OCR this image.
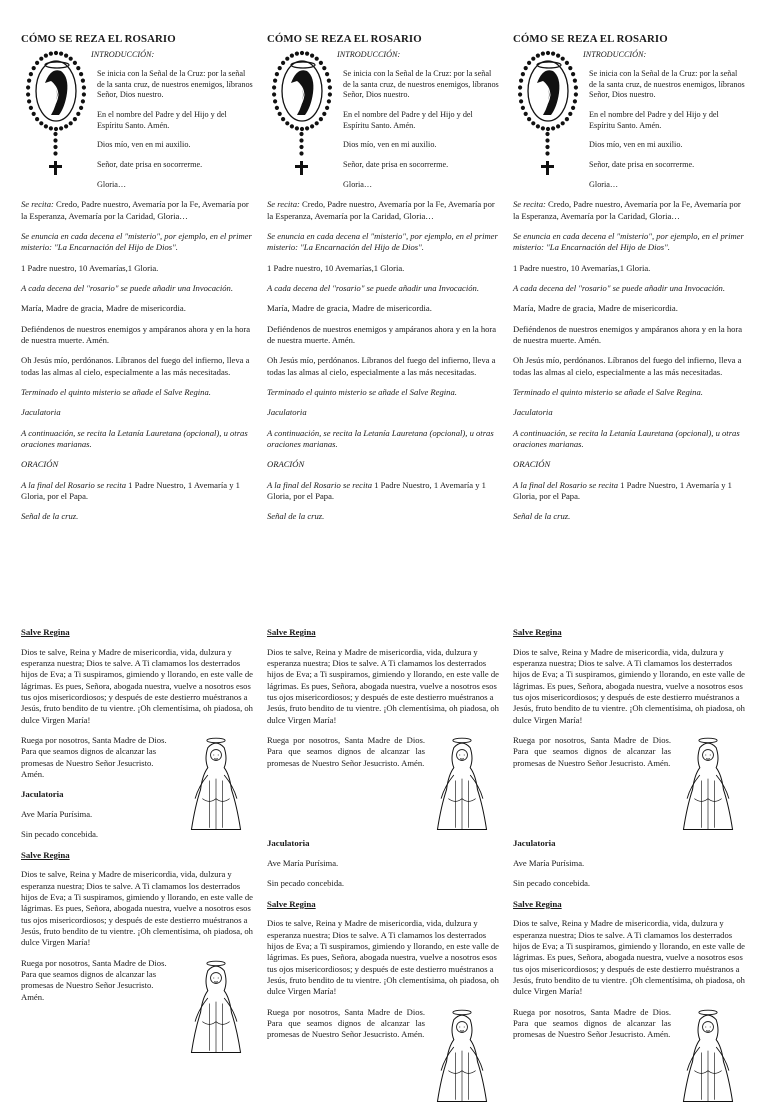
CÓMO SE REZA EL ROSARIO
INTRODUCCIÓN:

Se inicia con la Señal de la Cruz: por la señal de la santa cruz, de nuestros enemigos, líbranos Señor, Dios nuestro.

En el nombre del Padre y del Hijo y del Espíritu Santo. Amén.

Dios mío, ven en mi auxilio.

Señor, date prisa en socorrerme.

Gloria…

Se recita: Credo, Padre nuestro, Avemaría por la Fe, Avemaría por la Esperanza, Avemaría por la Caridad, Gloria…

Se enuncia en cada decena el "misterio", por ejemplo, en el primer misterio: "La Encarnación del Hijo de Dios".

1 Padre nuestro, 10 Avemarías,1 Gloria.

A cada decena del "rosario" se puede añadir una Invocación.

María, Madre de gracia, Madre de misericordia.

Defiéndenos de nuestros enemigos y ampáranos ahora y en la hora de nuestra muerte. Amén.

Oh Jesús mío, perdónanos. Líbranos del fuego del infierno, lleva a todas las almas al cielo, especialmente a las más necesitadas.

Terminado el quinto misterio se añade el Salve Regina.

Jaculatoria

A continuación, se recita la Letanía Lauretana (opcional), u otras oraciones marianas.

ORACIÓN

A la final del Rosario se recita 1 Padre Nuestro, 1 Avemaría y 1 Gloria, por el Papa.

Señal de la cruz.

CÓMO SE REZA EL ROSARIO
INTRODUCCIÓN:

Se inicia con la Señal de la Cruz: por la señal de la santa cruz, de nuestros enemigos, líbranos Señor, Dios nuestro.

En el nombre del Padre y del Hijo y del Espíritu Santo. Amén.

Dios mío, ven en mi auxilio.

Señor, date prisa en socorrerme.

Gloria…

Se recita: Credo, Padre nuestro, Avemaría por la Fe, Avemaría por la Esperanza, Avemaría por la Caridad, Gloria…

Se enuncia en cada decena el "misterio", por ejemplo, en el primer misterio: "La Encarnación del Hijo de Dios".

1 Padre nuestro, 10 Avemarías,1 Gloria.

A cada decena del "rosario" se puede añadir una Invocación.

María, Madre de gracia, Madre de misericordia.

Defiéndenos de nuestros enemigos y ampáranos ahora y en la hora de nuestra muerte. Amén.

Oh Jesús mío, perdónanos. Líbranos del fuego del infierno, lleva a todas las almas al cielo, especialmente a las más necesitadas.

Terminado el quinto misterio se añade el Salve Regina.

Jaculatoria

A continuación, se recita la Letanía Lauretana (opcional), u otras oraciones marianas.

ORACIÓN

A la final del Rosario se recita 1 Padre Nuestro, 1 Avemaría y 1 Gloria, por el Papa.

Señal de la cruz.

CÓMO SE REZA EL ROSARIO
INTRODUCCIÓN:

Se inicia con la Señal de la Cruz: por la señal de la santa cruz, de nuestros enemigos, líbranos Señor, Dios nuestro.

En el nombre del Padre y del Hijo y del Espíritu Santo. Amén.

Dios mío, ven en mi auxilio.

Señor, date prisa en socorrerme.

Gloria…

Se recita: Credo, Padre nuestro, Avemaría por la Fe, Avemaría por la Esperanza, Avemaría por la Caridad, Gloria…

Se enuncia en cada decena el "misterio", por ejemplo, en el primer misterio: "La Encarnación del Hijo de Dios".

1 Padre nuestro, 10 Avemarías,1 Gloria.

A cada decena del "rosario" se puede añadir una Invocación.

María, Madre de gracia, Madre de misericordia.

Defiéndenos de nuestros enemigos y ampáranos ahora y en la hora de nuestra muerte. Amén.

Oh Jesús mío, perdónanos. Líbranos del fuego del infierno, lleva a todas las almas al cielo, especialmente a las más necesitadas.

Terminado el quinto misterio se añade el Salve Regina.

Jaculatoria

A continuación, se recita la Letanía Lauretana (opcional), u otras oraciones marianas.

ORACIÓN

A la final del Rosario se recita 1 Padre Nuestro, 1 Avemaría y 1 Gloria, por el Papa.

Señal de la cruz.

Salve Regina

Dios te salve, Reina y Madre de misericordia, vida, dulzura y esperanza nuestra; Dios te salve. A Ti clamamos los desterrados hijos de Eva; a Ti suspiramos, gimiendo y llorando, en este valle de lágrimas. Es pues, Señora, abogada nuestra, vuelve a nosotros esos tus ojos misericordiosos; y después de este destierro muéstranos a Jesús, fruto bendito de tu vientre. ¡Oh clementísima, oh piadosa, oh dulce Virgen María!

Ruega por nosotros, Santa Madre de Dios. Para que seamos dignos de alcanzar las promesas de Nuestro Señor Jesucristo. Amén.

Jaculatoria

Ave María Purísima.

Sin pecado concebida.

Salve Regina

Dios te salve, Reina y Madre de misericordia, vida, dulzura y esperanza nuestra; Dios te salve. A Ti clamamos los desterrados hijos de Eva; a Ti suspiramos, gimiendo y llorando, en este valle de lágrimas. Es pues, Señora, abogada nuestra, vuelve a nosotros esos tus ojos misericordiosos; y después de este destierro muéstranos a Jesús, fruto bendito de tu vientre. ¡Oh clementísima, oh piadosa, oh dulce Virgen María!

Ruega por nosotros, Santa Madre de Dios. Para que seamos dignos de alcanzar las promesas de Nuestro Señor Jesucristo. Amén.

Salve Regina

Dios te salve, Reina y Madre de misericordia, vida, dulzura y esperanza nuestra; Dios te salve. A Ti clamamos los desterrados hijos de Eva; a Ti suspiramos, gimiendo y llorando, en este valle de lágrimas. Es pues, Señora, abogada nuestra, vuelve a nosotros esos tus ojos misericordiosos; y después de este destierro muéstranos a Jesús, fruto bendito de tu vientre. ¡Oh clementísima, oh piadosa, oh dulce Virgen María!

Ruega por nosotros, Santa Madre de Dios. Para que seamos dignos de alcanzar las promesas de Nuestro Señor Jesucristo. Amén.

Jaculatoria

Ave María Purísima.

Sin pecado concebida.

Salve Regina

Dios te salve, Reina y Madre de misericordia, vida, dulzura y esperanza nuestra; Dios te salve. A Ti clamamos los desterrados hijos de Eva; a Ti suspiramos, gimiendo y llorando, en este valle de lágrimas. Es pues, Señora, abogada nuestra, vuelve a nosotros esos tus ojos misericordiosos; y después de este destierro muéstranos a Jesús, fruto bendito de tu vientre. ¡Oh clementísima, oh piadosa, oh dulce Virgen María!

Ruega por nosotros, Santa Madre de Dios. Para que seamos dignos de alcanzar las promesas de Nuestro Señor Jesucristo. Amén.

Salve Regina

Dios te salve, Reina y Madre de misericordia, vida, dulzura y esperanza nuestra; Dios te salve. A Ti clamamos los desterrados hijos de Eva; a Ti suspiramos, gimiendo y llorando, en este valle de lágrimas. Es pues, Señora, abogada nuestra, vuelve a nosotros esos tus ojos misericordiosos; y después de este destierro muéstranos a Jesús, fruto bendito de tu vientre. ¡Oh clementísima, oh piadosa, oh dulce Virgen María!

Ruega por nosotros, Santa Madre de Dios. Para que seamos dignos de alcanzar las promesas de Nuestro Señor Jesucristo. Amén.

Jaculatoria

Ave María Purísima.

Sin pecado concebida.

Salve Regina

Dios te salve, Reina y Madre de misericordia, vida, dulzura y esperanza nuestra; Dios te salve. A Ti clamamos los desterrados hijos de Eva; a Ti suspiramos, gimiendo y llorando, en este valle de lágrimas. Es pues, Señora, abogada nuestra, vuelve a nosotros esos tus ojos misericordiosos; y después de este destierro muéstranos a Jesús, fruto bendito de tu vientre. ¡Oh clementísima, oh piadosa, oh dulce Virgen María!

Ruega por nosotros, Santa Madre de Dios. Para que seamos dignos de alcanzar las promesas de Nuestro Señor Jesucristo. Amén.
